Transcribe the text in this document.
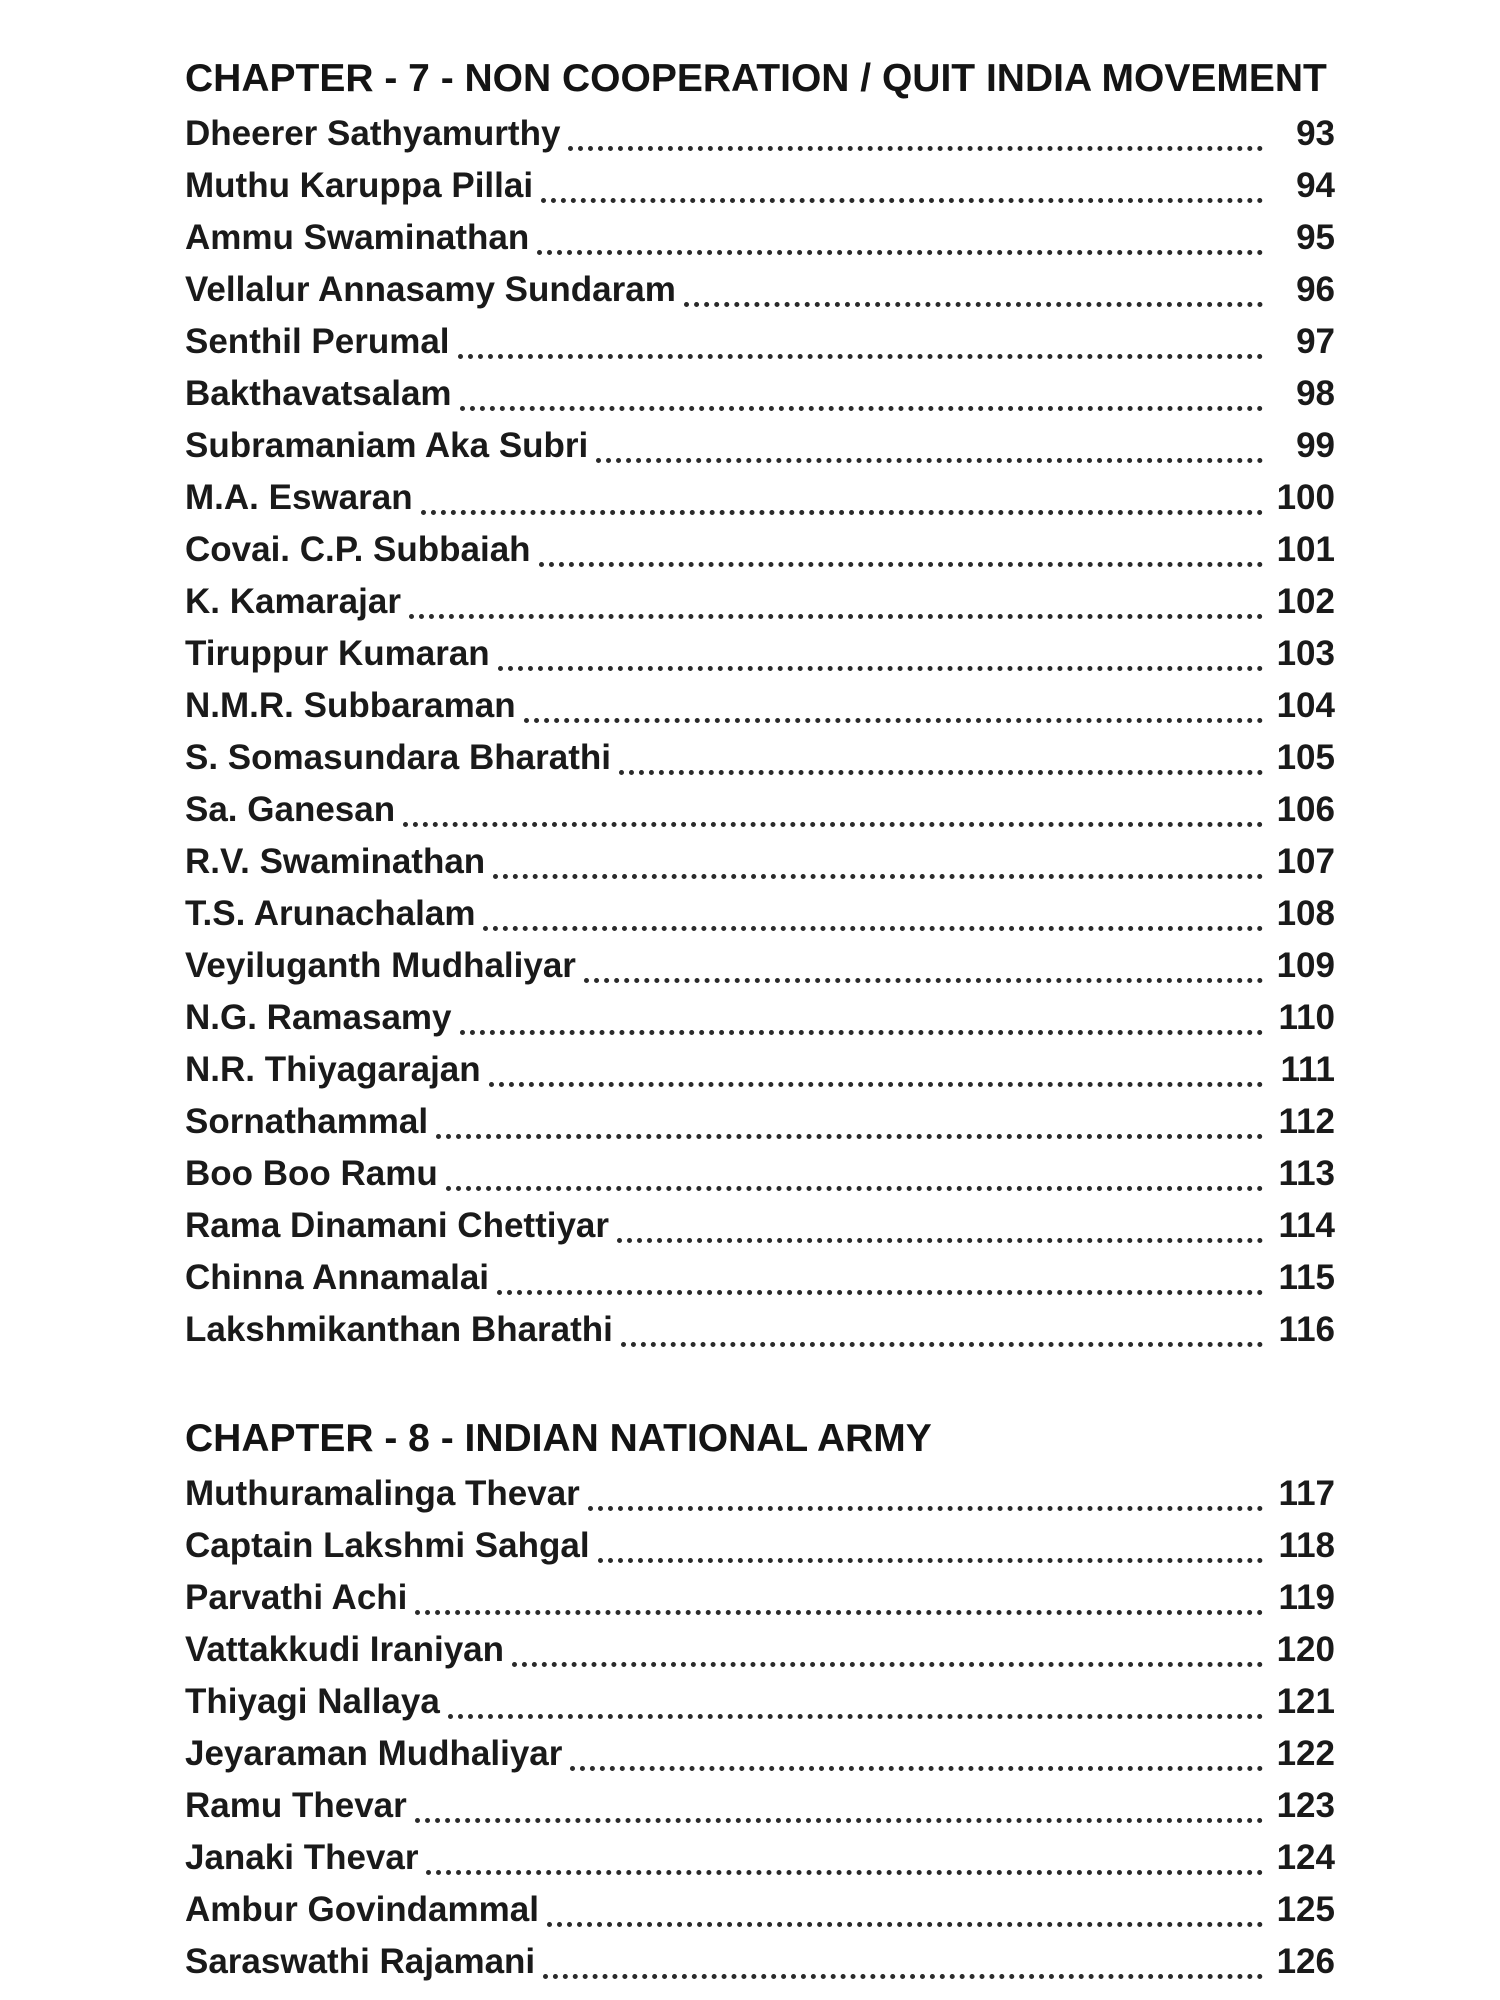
CHAPTER - 7 - NON COOPERATION / QUIT INDIA MOVEMENT
Dheerer Sathyamurthy	93
Muthu Karuppa Pillai	94
Ammu Swaminathan	95
Vellalur Annasamy Sundaram	96
Senthil Perumal	97
Bakthavatsalam	98
Subramaniam Aka Subri	99
M.A. Eswaran	100
Covai. C.P. Subbaiah	101
K. Kamarajar	102
Tiruppur Kumaran	103
N.M.R. Subbaraman	104
S. Somasundara Bharathi	105
Sa. Ganesan	106
R.V. Swaminathan	107
T.S. Arunachalam	108
Veyiluganth Mudhaliyar	109
N.G. Ramasamy	110
N.R. Thiyagarajan	111
Sornathammal	112
Boo Boo Ramu	113
Rama Dinamani Chettiyar	114
Chinna Annamalai	115
Lakshmikanthan Bharathi	116
CHAPTER - 8 - INDIAN NATIONAL ARMY
Muthuramalinga Thevar	117
Captain Lakshmi Sahgal	118
Parvathi Achi	119
Vattakkudi Iraniyan	120
Thiyagi Nallaya	121
Jeyaraman Mudhaliyar	122
Ramu Thevar	123
Janaki Thevar	124
Ambur Govindammal	125
Saraswathi Rajamani	126
